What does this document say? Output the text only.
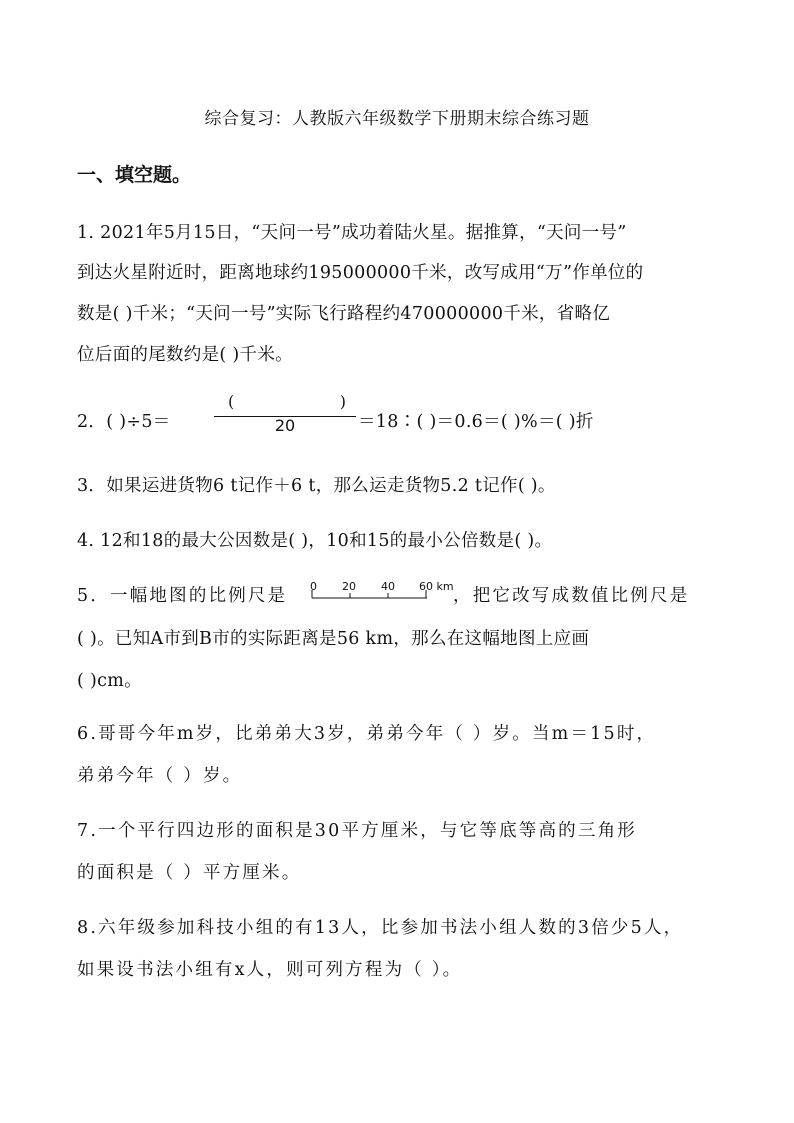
综合复习：人教版六年级数学下册期末综合练习题
一、填空题。
1. 2021年5月15日，“天问一号”成功着陆火星。据推算，“天问一号”
到达火星附近时，距离地球约195000000千米，改写成用“万”作单位的
数是( )千米；“天问一号”实际飞行路程约470000000千米，省略亿
位后面的尾数约是( )千米。
2．( )÷5＝
(	)
20	＝18∶( )＝0.6＝( )%＝( )折
3．如果运进货物6 t记作＋6 t，那么运走货物5.2 t记作( )。
4. 12和18的最大公因数是( )，10和15的最小公倍数是( )。
5．一幅地图的比例尺是 0 20 40 60 km ，把它改写成数值比例尺是
( )。已知A市到B市的实际距离是56 km，那么在这幅地图上应画
( )cm。
6.哥哥今年m岁，比弟弟大3岁，弟弟今年（ ）岁。当m＝15时，
弟弟今年（ ）岁。
7.一个平行四边形的面积是30平方厘米，与它等底等高的三角形
的面积是（ ）平方厘米。
8.六年级参加科技小组的有13人，比参加书法小组人数的3倍少5人，
如果设书法小组有x人，则可列方程为（ ）。
